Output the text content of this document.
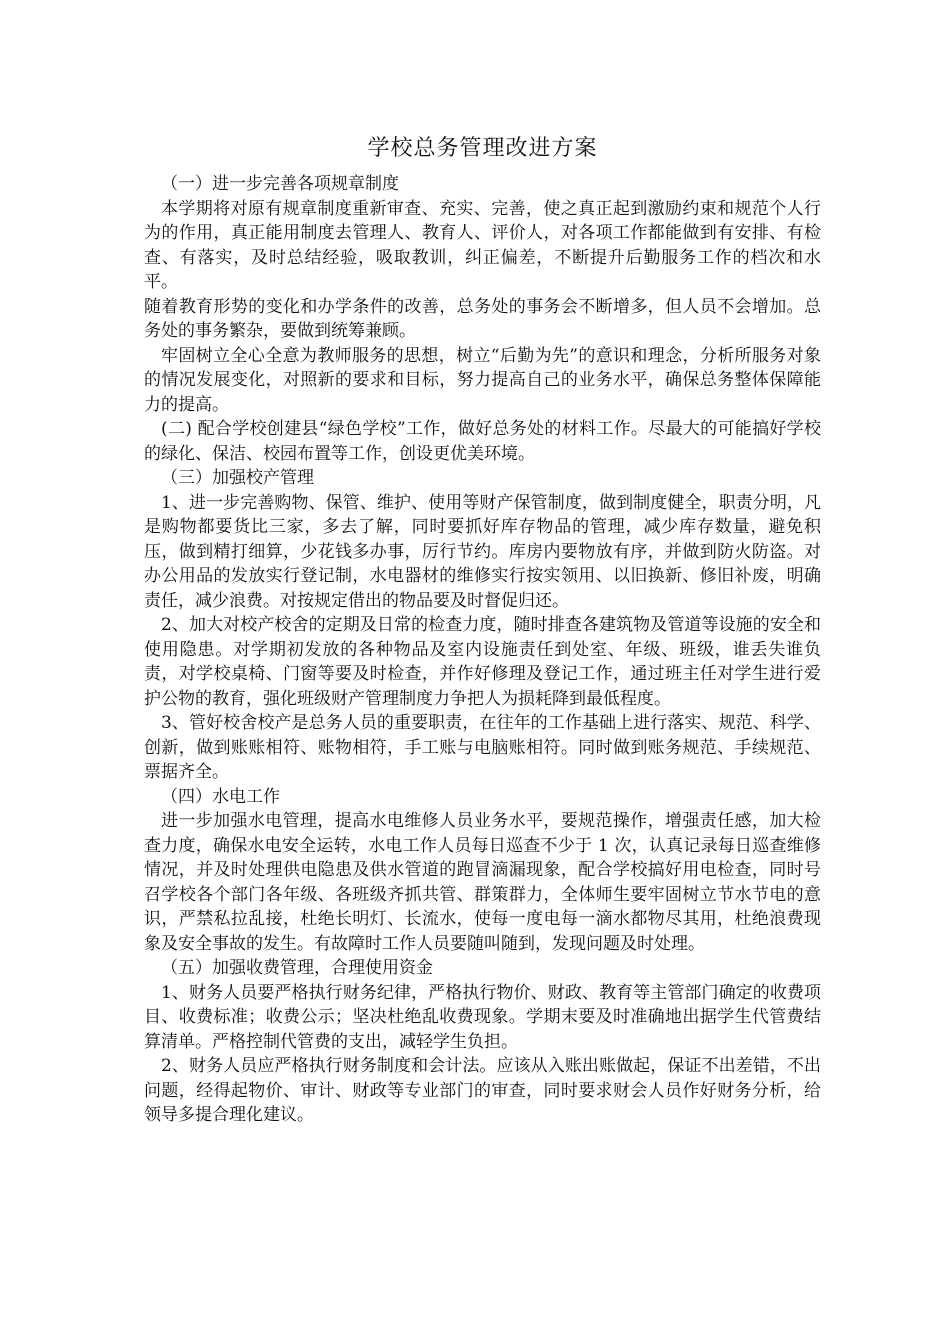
学校总务管理改进方案

（一）进一步完善各项规章制度

本学期将对原有规章制度重新审查、充实、完善，使之真正起到激励约束和规范个人行为的作用，真正能用制度去管理人、教育人、评价人，对各项工作都能做到有安排、有检查、有落实，及时总结经验，吸取教训，纠正偏差，不断提升后勤服务工作的档次和水平。

随着教育形势的变化和办学条件的改善，总务处的事务会不断增多，但人员不会增加。总务处的事务繁杂，要做到统筹兼顾。

牢固树立全心全意为教师服务的思想，树立“后勤为先”的意识和理念，分析所服务对象的情况发展变化，对照新的要求和目标，努力提高自己的业务水平，确保总务整体保障能力的提高。

(二) 配合学校创建县“绿色学校”工作，做好总务处的材料工作。尽最大的可能搞好学校的绿化、保洁、校园布置等工作，创设更优美环境。

（三）加强校产管理

1、进一步完善购物、保管、维护、使用等财产保管制度，做到制度健全，职责分明，凡是购物都要货比三家，多去了解，同时要抓好库存物品的管理，减少库存数量，避免积压，做到精打细算，少花钱多办事，厉行节约。库房内要物放有序，并做到防火防盗。对办公用品的发放实行登记制，水电器材的维修实行按实领用、以旧换新、修旧补废，明确责任，减少浪费。对按规定借出的物品要及时督促归还。

2、加大对校产校舍的定期及日常的检查力度，随时排查各建筑物及管道等设施的安全和使用隐患。对学期初发放的各种物品及室内设施责任到处室、年级、班级，谁丢失谁负责，对学校桌椅、门窗等要及时检查，并作好修理及登记工作，通过班主任对学生进行爱护公物的教育，强化班级财产管理制度力争把人为损耗降到最低程度。

3、管好校舍校产是总务人员的重要职责，在往年的工作基础上进行落实、规范、科学、创新，做到账账相符、账物相符，手工账与电脑账相符。同时做到账务规范、手续规范、票据齐全。

（四）水电工作

进一步加强水电管理，提高水电维修人员业务水平，要规范操作，增强责任感，加大检查力度，确保水电安全运转，水电工作人员每日巡查不少于 1 次，认真记录每日巡查维修情况，并及时处理供电隐患及供水管道的跑冒滴漏现象，配合学校搞好用电检查，同时号召学校各个部门各年级、各班级齐抓共管、群策群力，全体师生要牢固树立节水节电的意识，严禁私拉乱接，杜绝长明灯、长流水，使每一度电每一滴水都物尽其用，杜绝浪费现象及安全事故的发生。有故障时工作人员要随叫随到，发现问题及时处理。

（五）加强收费管理，合理使用资金

1、财务人员要严格执行财务纪律，严格执行物价、财政、教育等主管部门确定的收费项目、收费标准；收费公示；坚决杜绝乱收费现象。学期末要及时准确地出据学生代管费结算清单。严格控制代管费的支出，减轻学生负担。

2、财务人员应严格执行财务制度和会计法。应该从入账出账做起，保证不出差错，不出问题，经得起物价、审计、财政等专业部门的审查，同时要求财会人员作好财务分析，给领导多提合理化建议。
